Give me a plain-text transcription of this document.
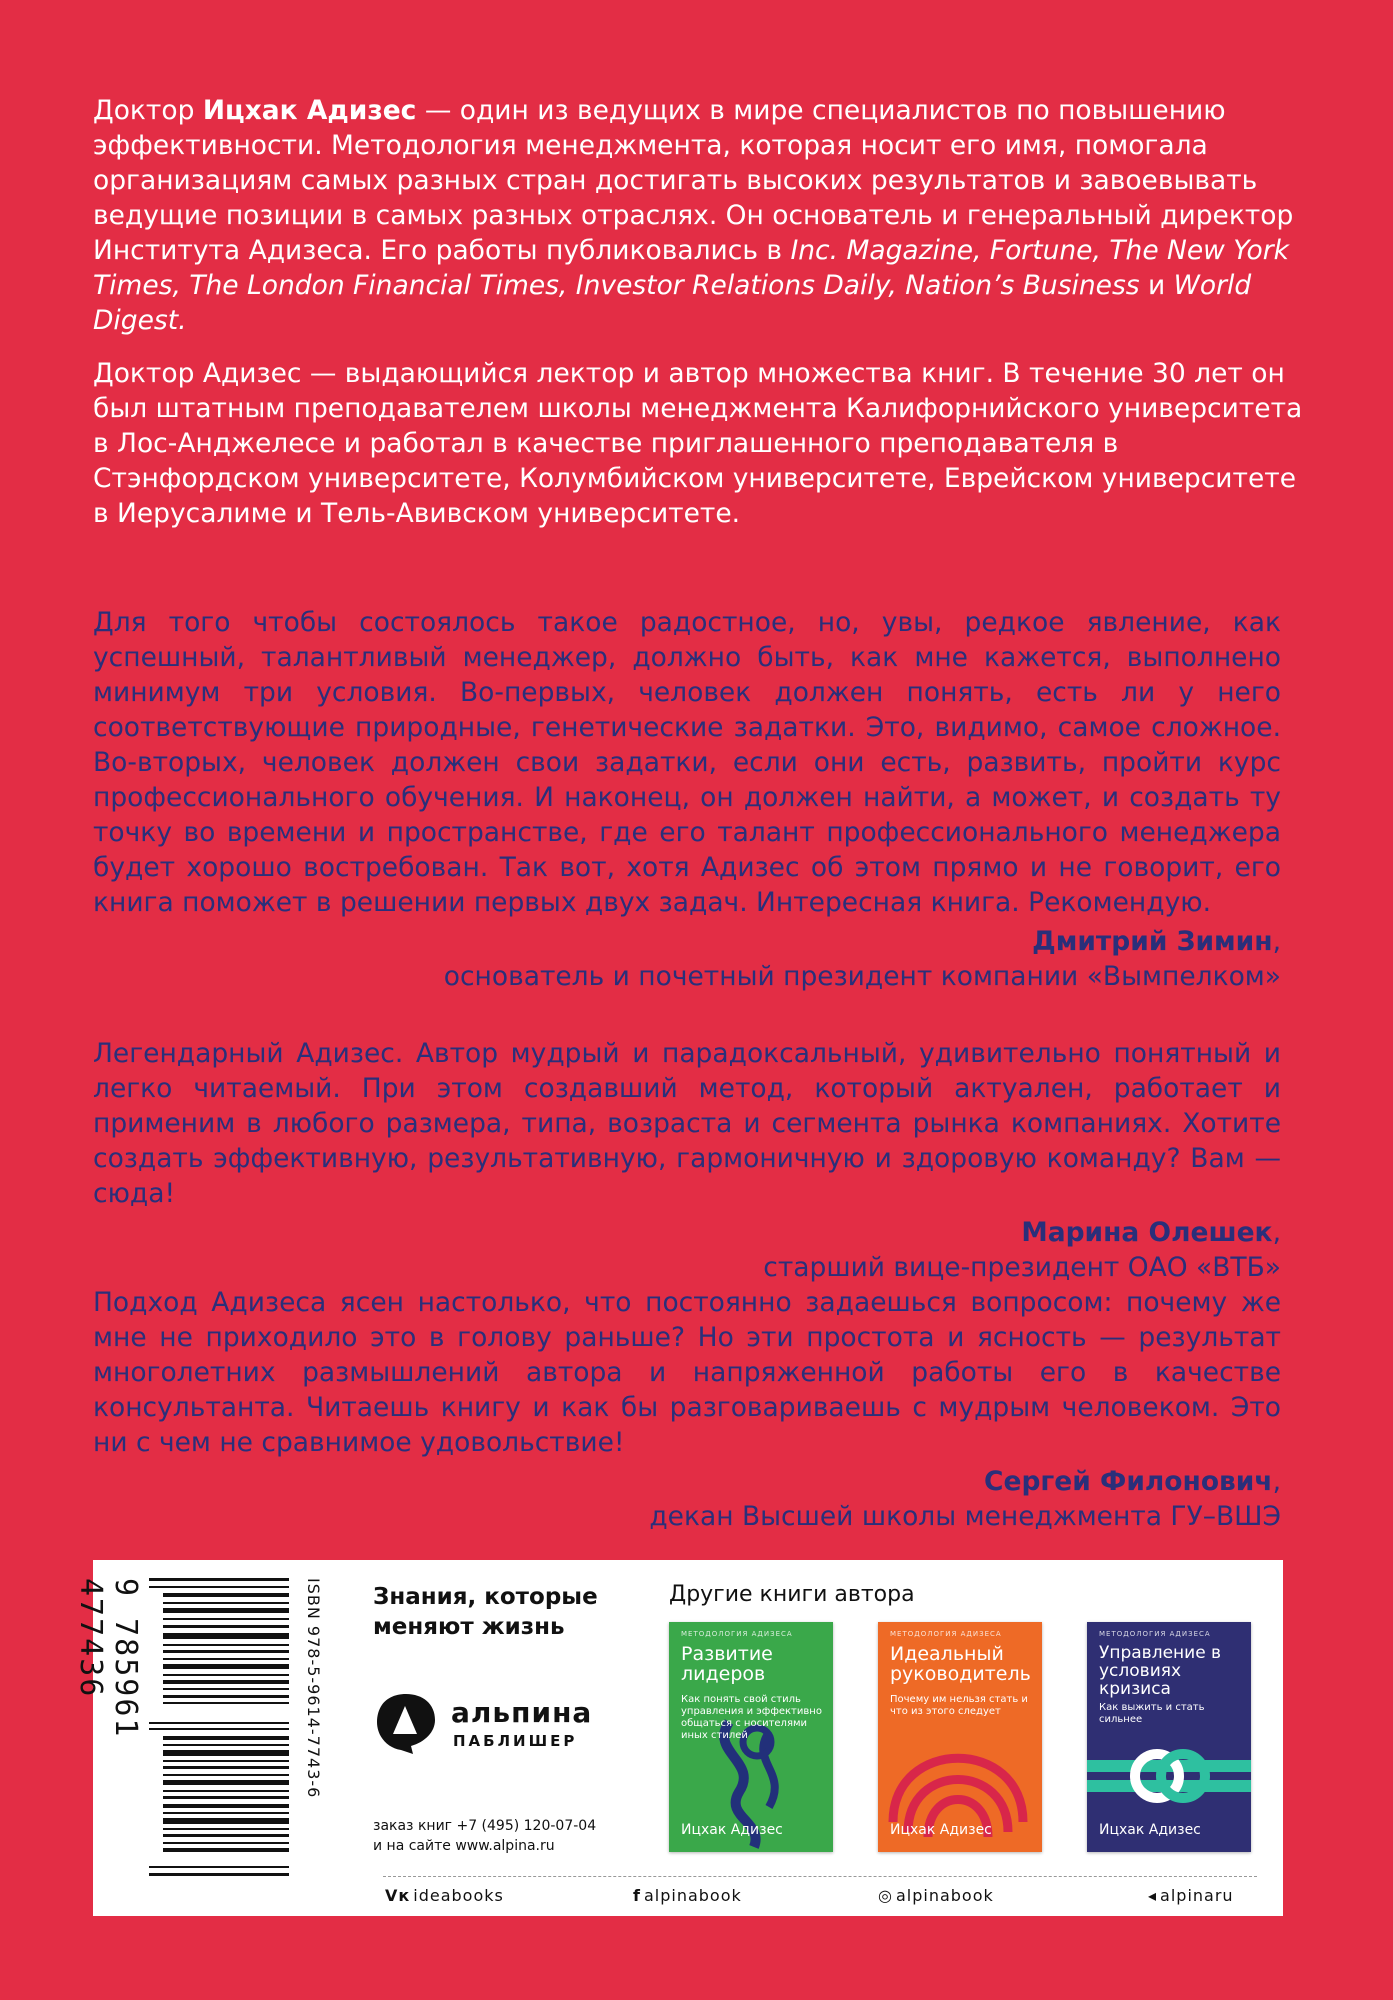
Доктор Ицхак Адизес — один из ведущих в мире специалистов по повышению эффективности. Методология менеджмента, которая носит его имя, помогала организациям самых разных стран достигать высоких результатов и завоевывать ведущие позиции в самых разных отраслях. Он основатель и генеральный директор Института Адизеса. Его работы публиковались в Inc. Magazine, Fortune, The New York Times, The London Financial Times, Investor Relations Daily, Nation’s Business и World Digest.

Доктор Адизес — выдающийся лектор и автор множества книг. В течение 30 лет он был штатным преподавателем школы менеджмента Калифорнийского университета в Лос-Анджелесе и работал в качестве приглашенного преподавателя в Стэнфордском университете, Колумбийском университете, Еврейском университете в Иерусалиме и Тель-Авивском университете.

Для того чтобы состоялось такое радостное, но, увы, редкое явление, как успешный, талантливый менеджер, должно быть, как мне кажется, выполнено минимум три условия. Во-первых, человек должен понять, есть ли у него соответствующие природные, генетические задатки. Это, видимо, самое сложное. Во-вторых, человек должен свои задатки, если они есть, развить, пройти курс профессионального обучения. И наконец, он должен найти, а может, и создать ту точку во времени и пространстве, где его талант профессионального менеджера будет хорошо востребован. Так вот, хотя Адизес об этом прямо и не говорит, его книга поможет в решении первых двух задач. Интересная книга. Рекомендую.

Дмитрий Зимин,
основатель и почетный президент компании «Вымпелком»

Легендарный Адизес. Автор мудрый и парадоксальный, удивительно понятный и легко читаемый. При этом создавший метод, который актуален, работает и применим в любого размера, типа, возраста и сегмента рынка компаниях. Хотите создать эффективную, результативную, гармоничную и здоровую команду? Вам — сюда!

Марина Олешек,
старший вице-президент ОАО «ВТБ»

Подход Адизеса ясен настолько, что постоянно задаешься вопросом: почему же мне не приходило это в голову раньше? Но эти простота и ясность — результат многолетних размышлений автора и напряженной работы его в качестве консультанта. Читаешь книгу и как бы разговариваешь с мудрым человеком. Это ни с чем не сравнимое удовольствие!

Сергей Филонович,
декан Высшей школы менеджмента ГУ–ВШЭ
9 785961 477436	ISBN 978-5-9614-7743-6 Знания, которые
меняют жизнь
альпина
ПАБЛИШЕР
заказ книг +7 (495) 120-07-04
и на сайте www.alpina.ru
Другие книги автора
МЕТОДОЛОГИЯ АДИЗЕСА
Развитие лидеров
Как понять свой стиль управления и эффективно общаться с носителями иных стилей
Ицхак Адизес
МЕТОДОЛОГИЯ АДИЗЕСА
Идеальный руководитель
Почему им нельзя стать и что из этого следует
Ицхак Адизес
МЕТОДОЛОГИЯ АДИЗЕСА
Управление в условиях кризиса
Как выжить и стать сильнее
Ицхак Адизес
Ⅴк ideabooks	f alpinabook	◎ alpinabook	◂ alpinaru
